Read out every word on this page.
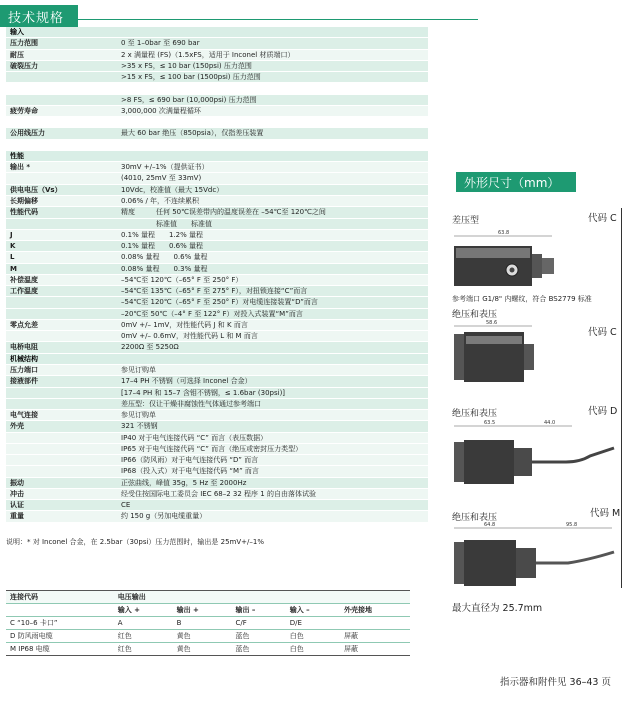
技术规格
输入
压力范围	0 至 1–0bar 至 690 bar
耐压	2 x 满量程 (FS)（1.5xFS，适用于 Inconel 材质端口）
破裂压力	>35 x FS，≤ 10 bar (150psi) 压力范围
>15 x FS，≤ 100 bar (1500psi) 压力范围
>8 FS，≤ 690 bar (10,000psi) 压力范围
疲劳寿命	3,000,000 次满量程循环
公用线压力	最大 60 bar 绝压（850psia），仅指差压装置
性能
输出 *	30mV +/–1%（提供证书）
(4010, 25mV 至 33mV)
供电电压（Vs）	10Vdc，校准值（最大 15Vdc）
长期偏移	0.06% / 年，不连续累积
性能代码	精度　　　任何 50℃误差带内的温度误差在 –54℃至 120℃之间
　　　　　标准值　　标准值
J	0.1% 量程　　1.2% 量程
K	0.1% 量程　　0.6% 量程
L	0.08% 量程　　0.6% 量程
M	0.08% 量程　　0.3% 量程
补偿温度	–54℃至 120℃（–65° F 至 250° F）
工作温度	–54℃至 135℃（–65° F 至 275° F），对扭锁连接“C”而言
–54℃至 120℃（–65° F 至 250° F）对电缆连接装置“D”而言
–20℃至 50℃（–4° F 至 122° F）对投入式装置“M”而言
零点允差	0mV +/– 1mV，对性能代码 J 和 K 而言
0mV +/– 0.6mV，对性能代码 L 和 M 而言
电桥电阻	2200Ω 至 5250Ω
机械结构
压力端口	参见订购单
接液部件	17–4 PH 不锈钢（可选择 Inconel 合金）
[17–4 PH 和 15–7 含钼不锈钢，≤ 1.6bar (30psi)]
差压型：仅让干燥非腐蚀性气体通过参考端口
电气连接	参见订购单
外壳	321 不锈钢
IP40 对于电气连接代码 “C” 而言（表压数据）
IP65 对于电气连接代码 “C” 而言（绝压或密封压力类型）
IP66（防风雨）对于电气连接代码 “D” 而言
IP68（投入式）对于电气连接代码 “M” 而言
振动	正弦曲线，峰值 35g，5 Hz 至 2000Hz
冲击	经受住按国际电工委员会 IEC 68–2 32 程序 1 的自由落体试验
认证	CE
重量	约 150 g（另加电缆重量）
说明：* 对 Inconel 合金，在 2.5bar（30psi）压力范围时，输出是 25mV+/–1%
连接代码	电压输出				
	输入 +	输出 +	输出 –	输入 –	外壳接地
C “10–6 卡口”	A	B	C/F	D/E	
D 防风雨电缆	红色	黄色	蓝色	白色	屏蔽
M IP68 电缆	红色	黄色	蓝色	白色	屏蔽
外形尺寸（mm）
差压型	代码 C
63.8
参考端口 G1/8" 内螺纹，符合 BS2779 标准
绝压和表压
代码 C
58.6
绝压和表压	代码 D
63.5	44.0
绝压和表压	代码 M
64.8	95.8
最大直径为 25.7mm
指示器和附件见 36–43 页
